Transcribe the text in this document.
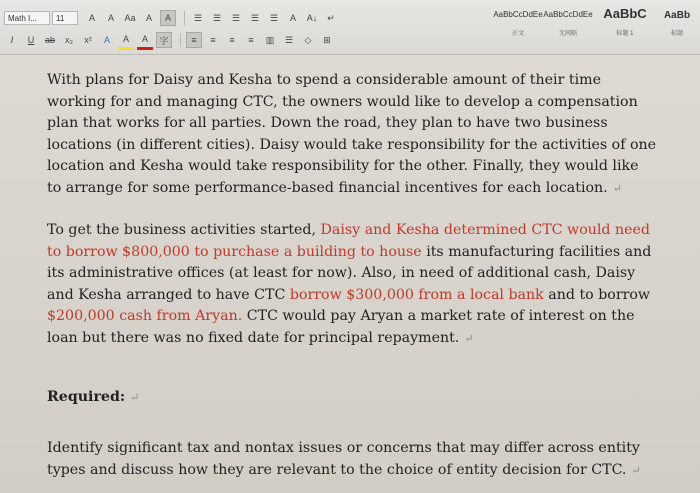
Math I...	11	A	A	Aa	A	A	☰	☰	☰	☰	☰	A	A↓	↵
I	U	ab	x₂	x²	A	A	A	字	≡	≡	≡	≡	▥	☰	◇	⊞
AaBbCcDdEe
正文
AaBbCcDdEe
无间隔
AaBbC
标题 1
AaBb
标题
With plans for Daisy and Kesha to spend a considerable amount of their time working for and managing CTC, the owners would like to develop a compensation plan that works for all parties. Down the road, they plan to have two business locations (in different cities). Daisy would take responsibility for the activities of one location and Kesha would take responsibility for the other. Finally, they would like to arrange for some performance-based financial incentives for each location. ↵
To get the business activities started, Daisy and Kesha determined CTC would need to borrow $800,000 to purchase a building to house its manufacturing facilities and its administrative offices (at least for now). Also, in need of additional cash, Daisy and Kesha arranged to have CTC borrow $300,000 from a local bank and to borrow $200,000 cash from Aryan. CTC would pay Aryan a market rate of interest on the loan but there was no fixed date for principal repayment. ↵
Required: ↵
Identify significant tax and nontax issues or concerns that may differ across entity types and discuss how they are relevant to the choice of entity decision for CTC. ↵
